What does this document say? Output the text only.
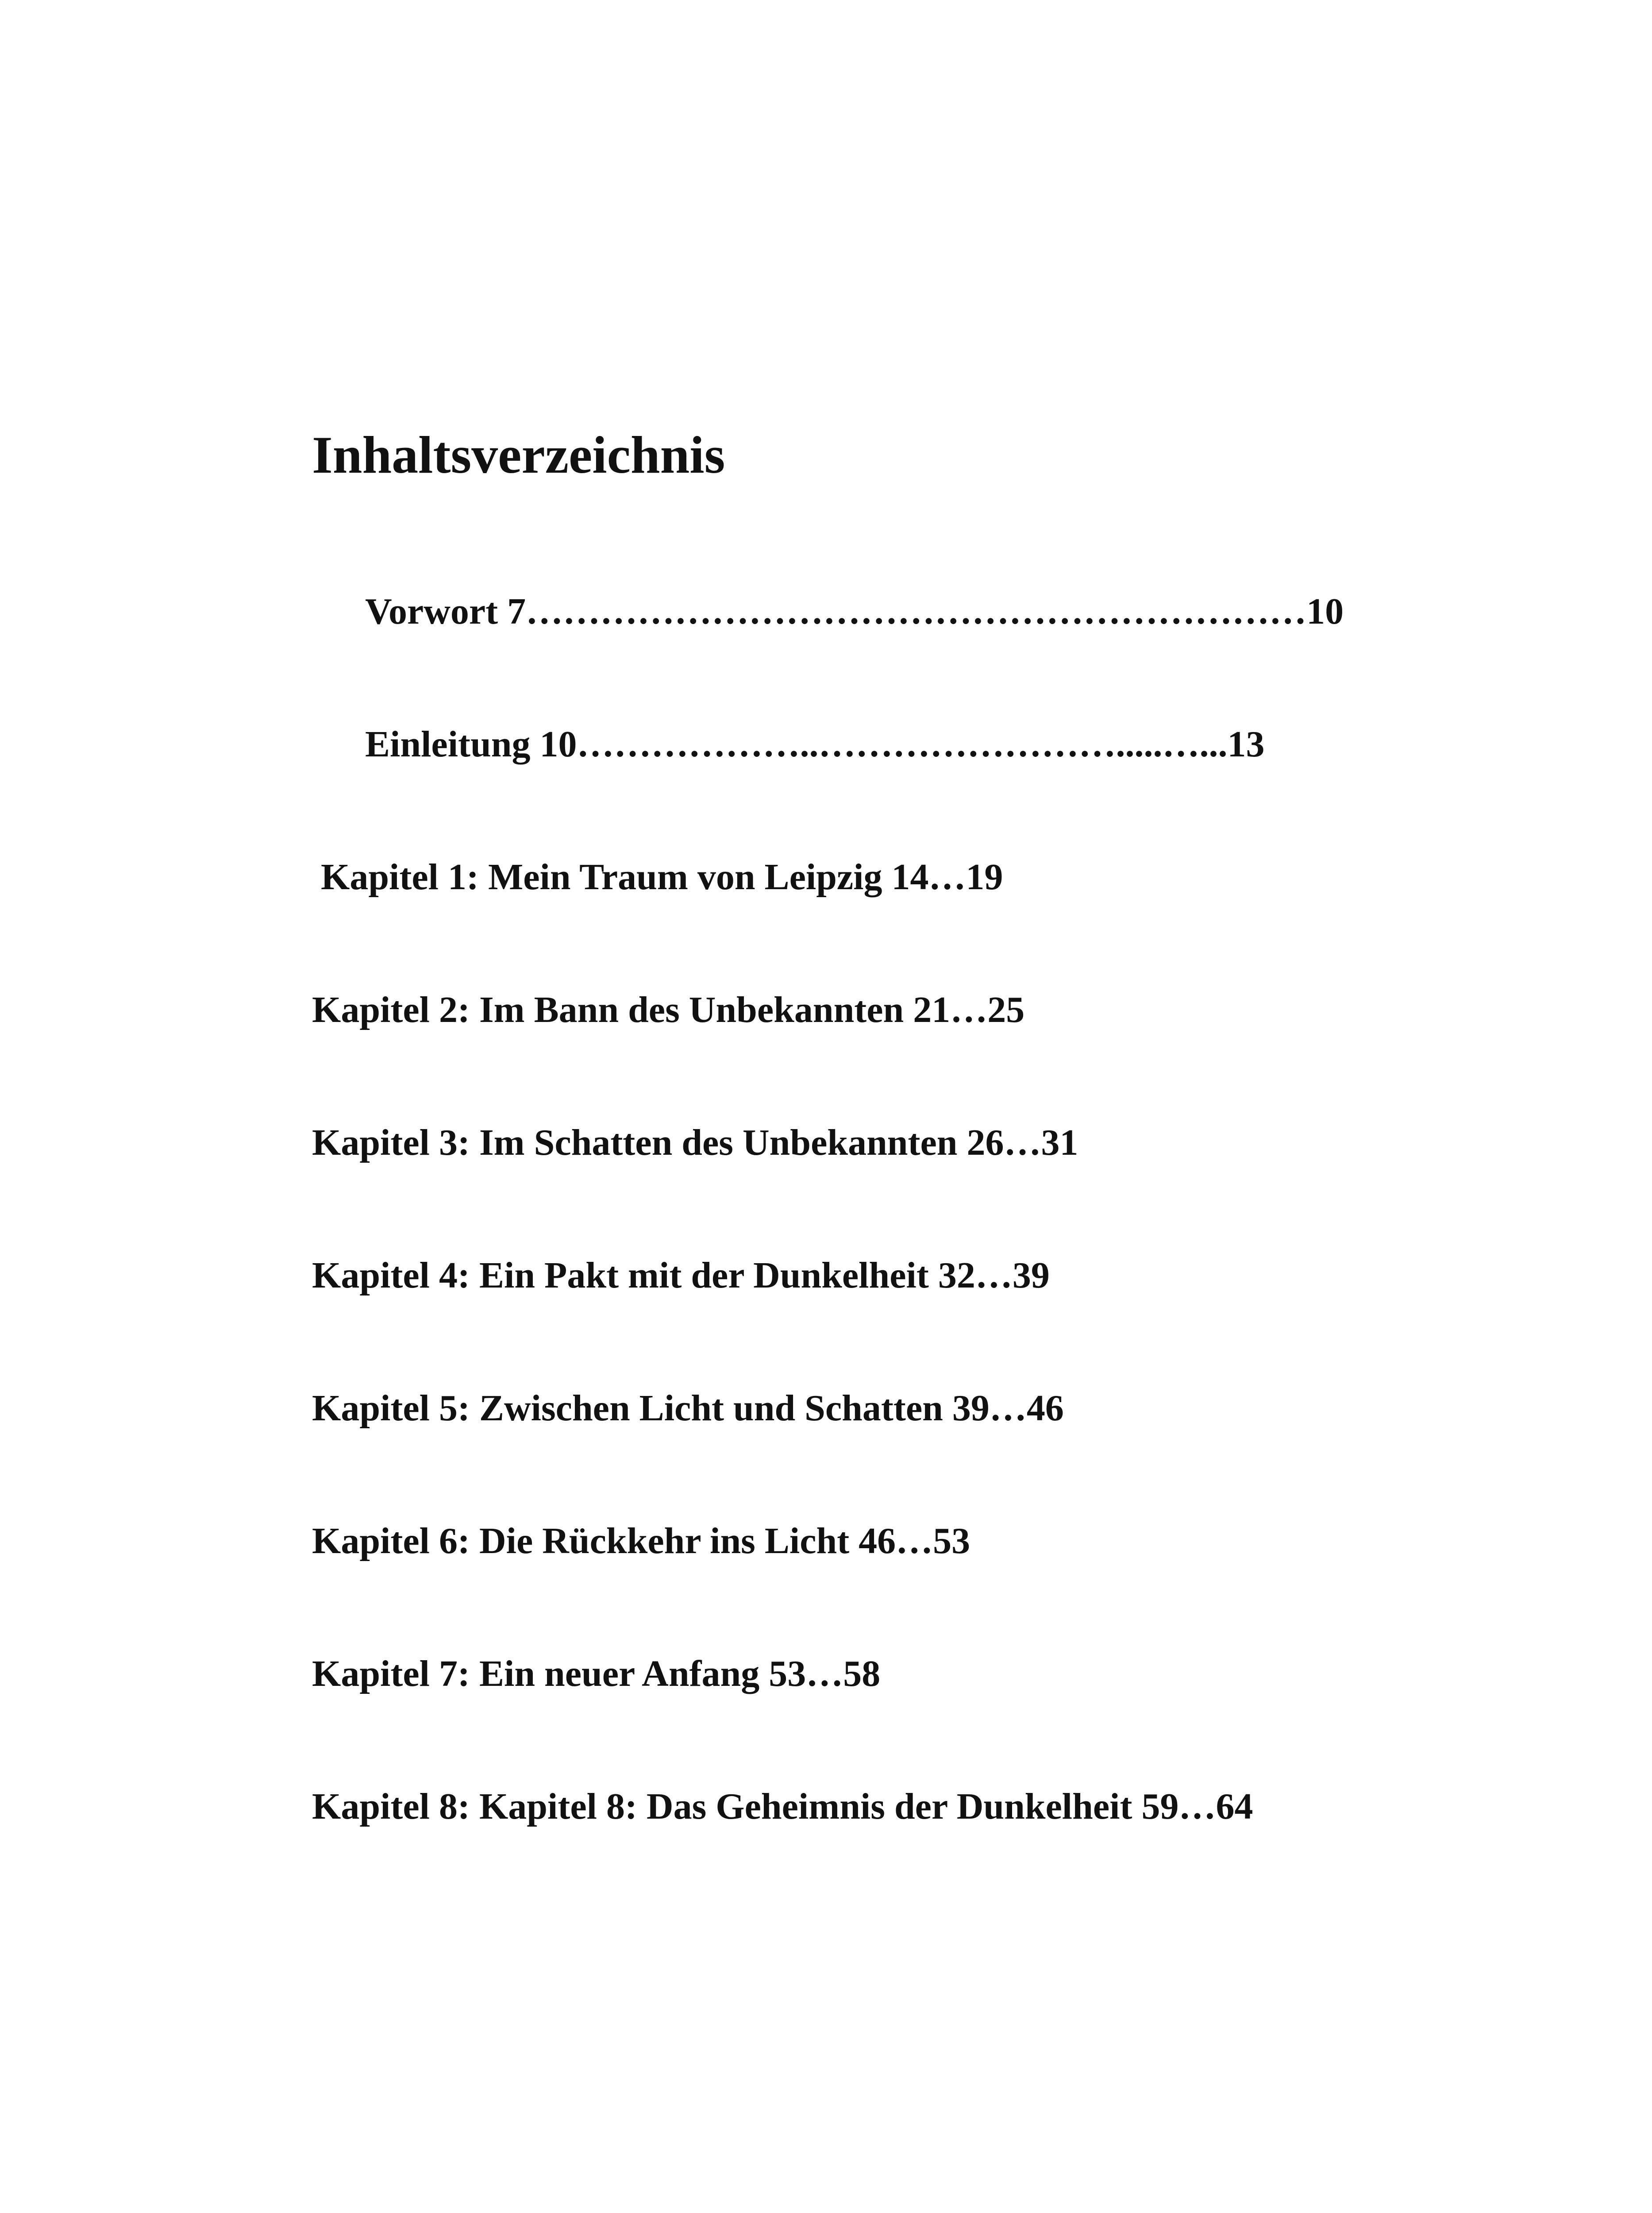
Inhaltsverzeichnis

Vorwort 7………………………………………………………10

Einleitung 10………………..…………………….....…...13

Kapitel 1: Mein Traum von Leipzig 14…19

Kapitel 2: Im Bann des Unbekannten 21…25

Kapitel 3: Im Schatten des Unbekannten 26…31

Kapitel 4: Ein Pakt mit der Dunkelheit 32…39

Kapitel 5: Zwischen Licht und Schatten 39…46

Kapitel 6: Die Rückkehr ins Licht 46…53

Kapitel 7: Ein neuer Anfang 53…58

Kapitel 8: Kapitel 8: Das Geheimnis der Dunkelheit 59…64
